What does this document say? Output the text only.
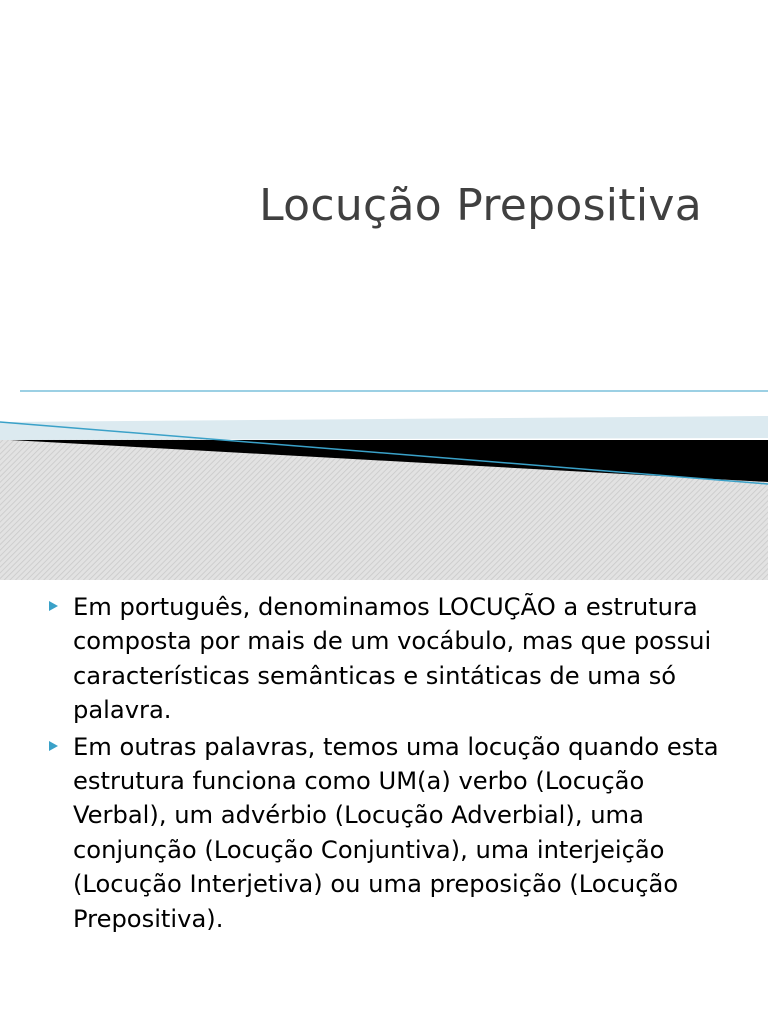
Locução Prepositiva
Em português, denominamos LOCUÇÃO a estrutura composta por mais de um vocábulo, mas que possui características semânticas e sintáticas de uma só palavra.
Em outras palavras, temos uma locução quando esta estrutura funciona como UM(a) verbo (Locução Verbal), um advérbio (Locução Adverbial), uma conjunção (Locução Conjuntiva), uma interjeição (Locução Interjetiva) ou uma preposição (Locução Prepositiva).
